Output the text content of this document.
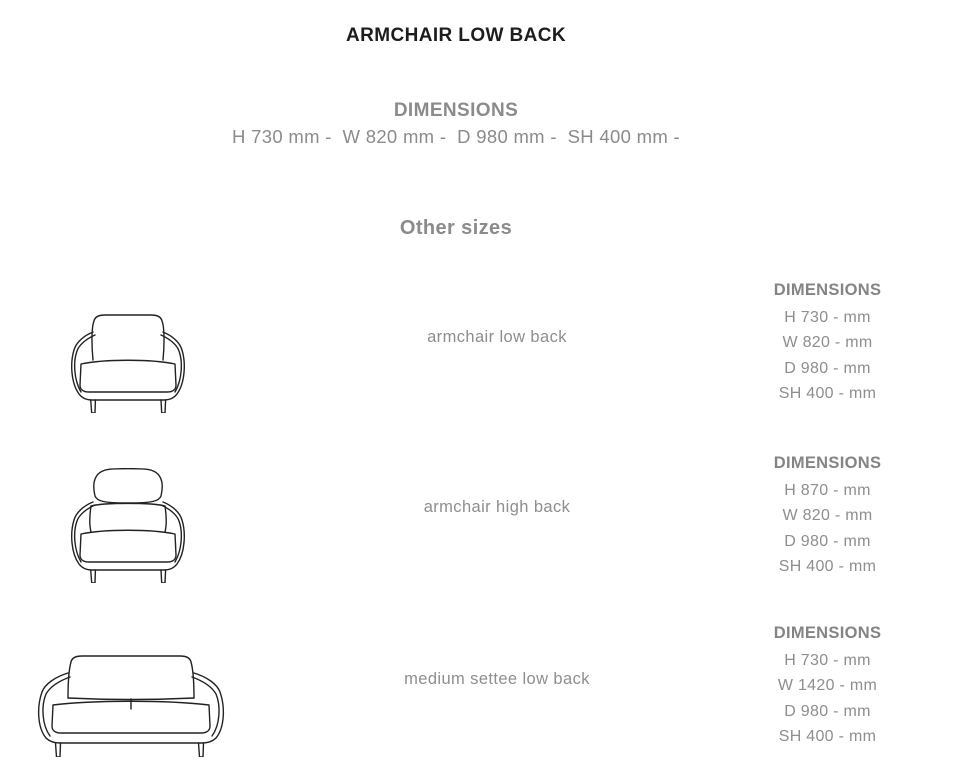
ARMCHAIR LOW BACK
DIMENSIONS
H 730 mm -  W 820 mm -  D 980 mm -  SH 400 mm -
Other sizes
armchair low back
DIMENSIONS
H 730 - mm
W 820 - mm
D 980 - mm
SH 400 - mm
armchair high back
DIMENSIONS
H 870 - mm
W 820 - mm
D 980 - mm
SH 400 - mm
medium settee low back
DIMENSIONS
H 730 - mm
W 1420 - mm
D 980 - mm
SH 400 - mm
